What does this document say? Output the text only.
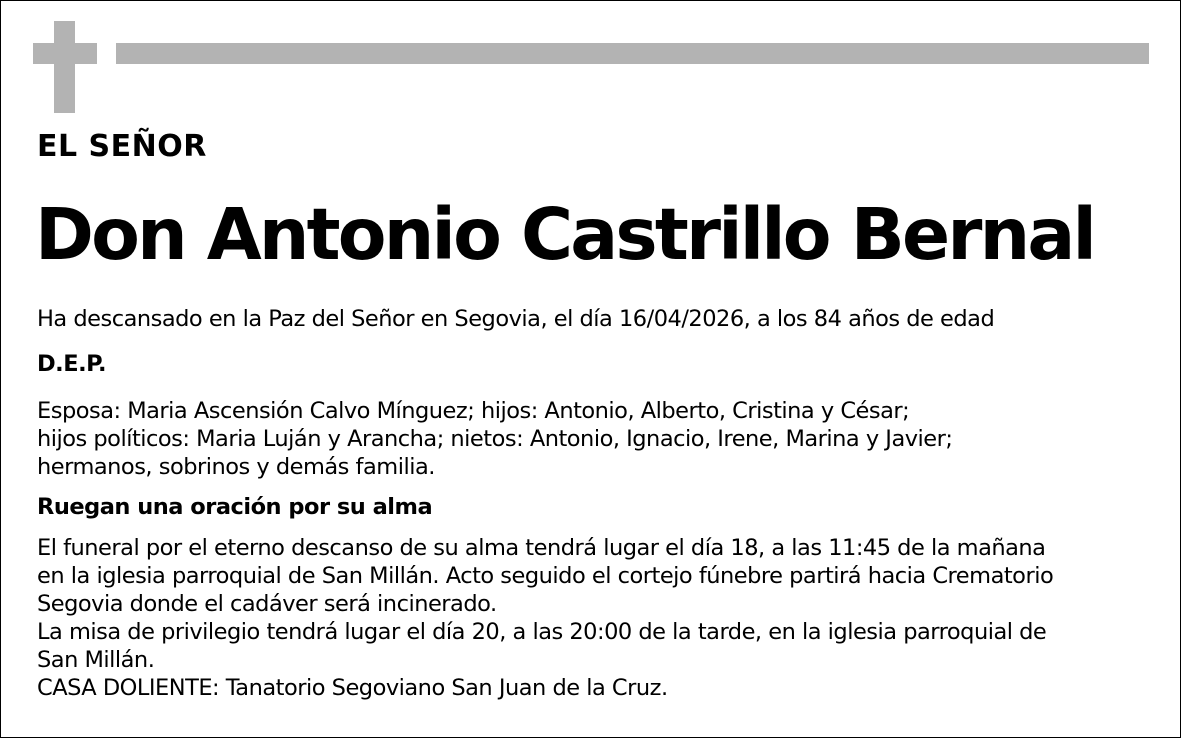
EL SEÑOR
Don Antonio Castrillo Bernal
Ha descansado en la Paz del Señor en Segovia, el día 16/04/2026, a los 84 años de edad
D.E.P.
Esposa: Maria Ascensión Calvo Mínguez; hijos: Antonio, Alberto, Cristina y César;
hijos políticos: Maria Luján y Arancha; nietos: Antonio, Ignacio, Irene, Marina y Javier;
hermanos, sobrinos y demás familia.
Ruegan una oración por su alma
El funeral por el eterno descanso de su alma tendrá lugar el día 18, a las 11:45 de la mañana
en la iglesia parroquial de San Millán. Acto seguido el cortejo fúnebre partirá hacia Crematorio
Segovia donde el cadáver será incinerado.
La misa de privilegio tendrá lugar el día 20, a las 20:00 de la tarde, en la iglesia parroquial de
San Millán.
CASA DOLIENTE: Tanatorio Segoviano San Juan de la Cruz.
